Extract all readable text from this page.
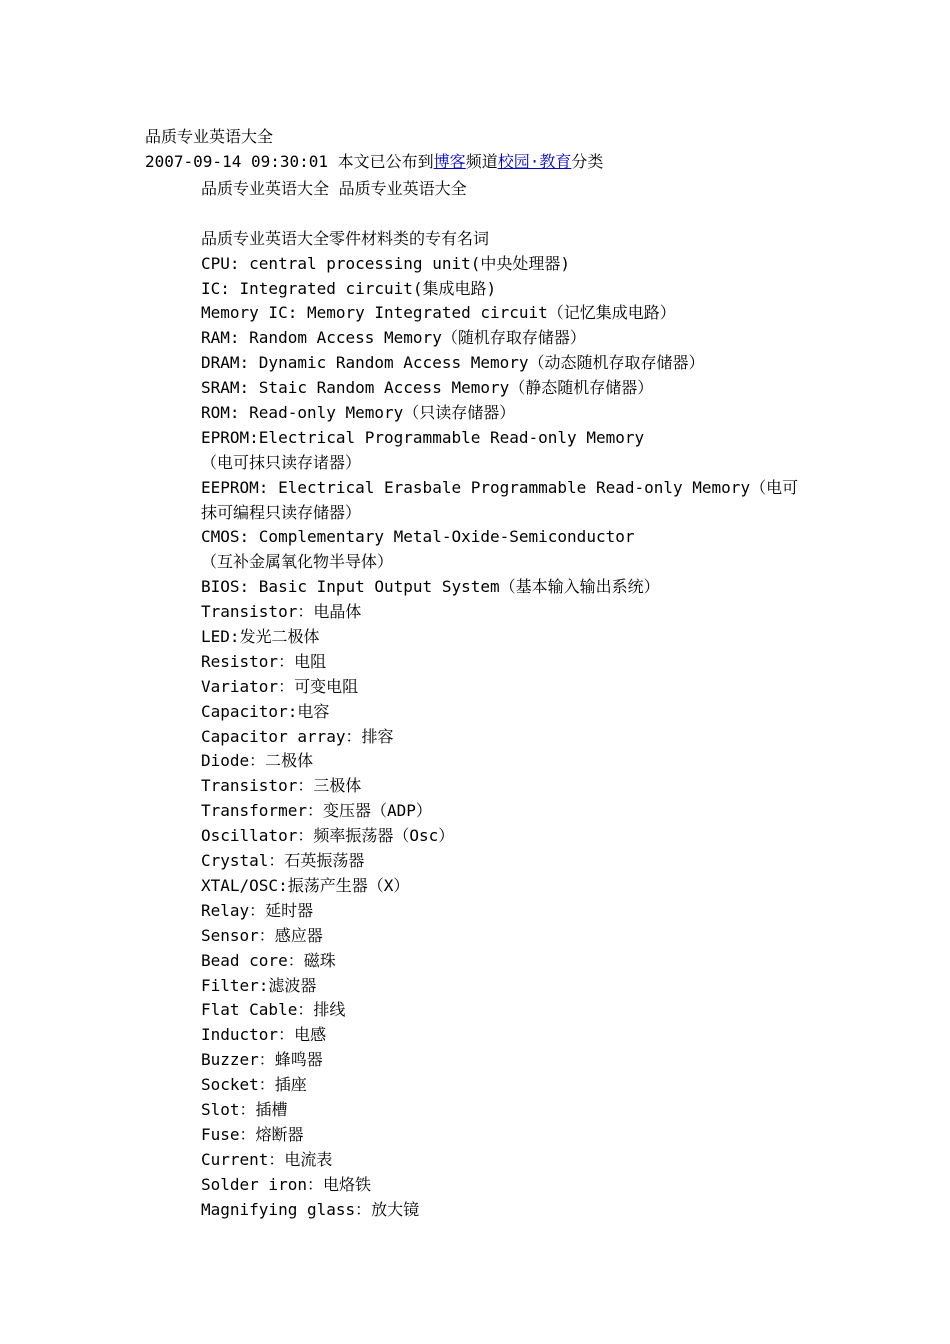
品质专业英语大全
2007-09-14 09:30:01 本文已公布到博客频道校园·教育分类
品质专业英语大全 品质专业英语大全
品质专业英语大全零件材料类的专有名词
CPU: central processing unit(中央处理器)
IC: Integrated circuit(集成电路)
Memory IC: Memory Integrated circuit（记忆集成电路）
RAM: Random Access Memory（随机存取存储器）
DRAM: Dynamic Random Access Memory（动态随机存取存储器）
SRAM: Staic Random Access Memory（静态随机存储器）
ROM: Read-only Memory（只读存储器）
EPROM:Electrical Programmable Read-only Memory
（电可抹只读存诸器）
EEPROM: Electrical Erasbale Programmable Read-only Memory（电可
抹可编程只读存储器）
CMOS: Complementary Metal-Oxide-Semiconductor
（互补金属氧化物半导体）
BIOS: Basic Input Output System（基本输入输出系统）
Transistor：电晶体
LED:发光二极体
Resistor：电阻
Variator：可变电阻
Capacitor:电容
Capacitor array：排容
Diode：二极体
Transistor：三极体
Transformer：变压器（ADP）
Oscillator：频率振荡器（Osc）
Crystal：石英振荡器
XTAL/OSC:振荡产生器（X）
Relay：延时器
Sensor：感应器
Bead core：磁珠
Filter:滤波器
Flat Cable：排线
Inductor：电感
Buzzer：蜂鸣器
Socket：插座
Slot：插槽
Fuse：熔断器
Current：电流表
Solder iron：电烙铁
Magnifying glass：放大镜
